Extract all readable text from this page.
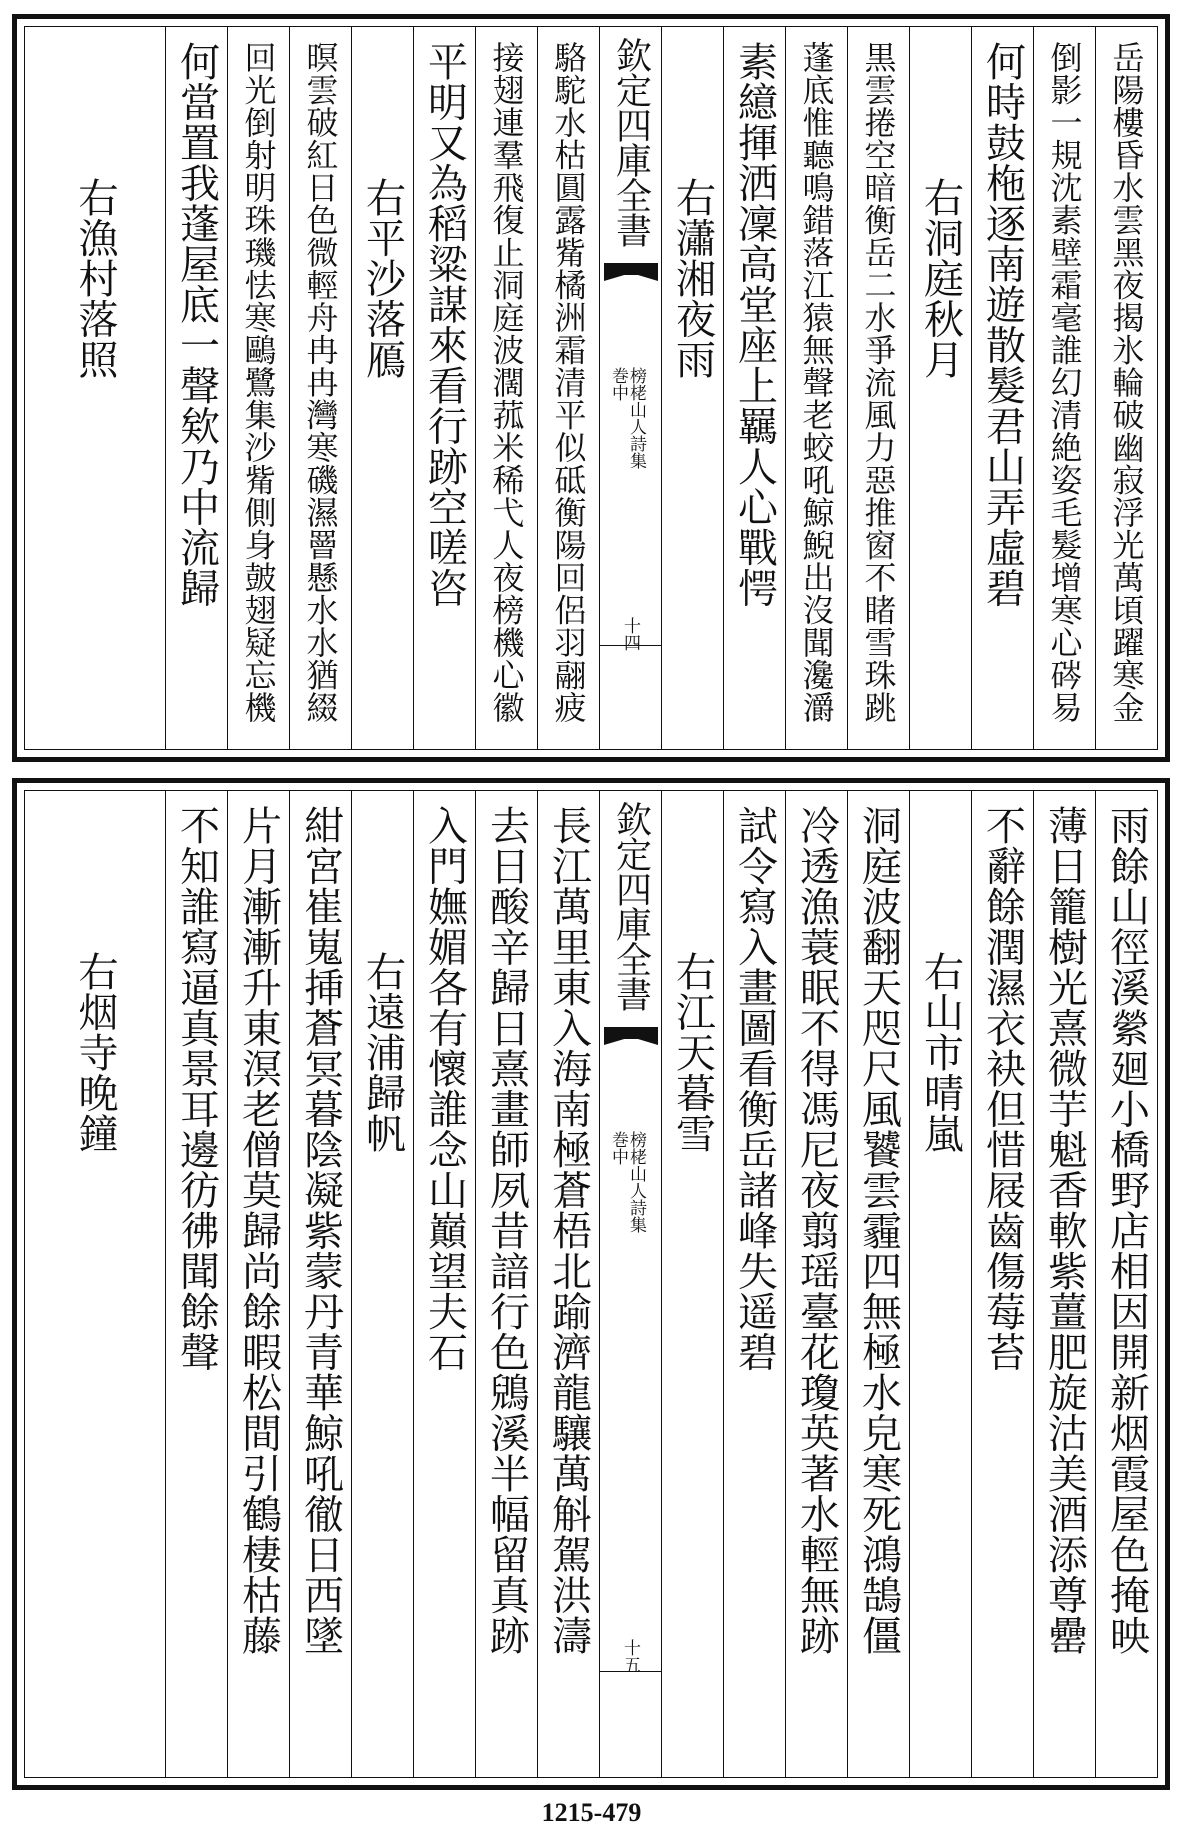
岳陽樓昏水雲黑夜揭氷輪破幽寂浮光萬頃躍寒金
倒影一規沈素壁霜毫誰幻清絶姿毛髮增寒心硶易
何時鼓柂逐南遊散髮君山弄虛碧
右洞庭秋月
黒雲捲空暗衡岳二水爭流風力惡推窗不睹雪珠跳
蓬底惟聽鳴錯落江猿無聲老蛟吼鯨鯢出沒聞瀺灂
素繶揮洒凜高堂座上羈人心戰愕
右瀟湘夜雨
欽定四庫全書
榜栳山人詩集
巻中
十四
駱駝水枯圓露觜橘洲霜清平似砥衡陽回侶羽翮疲
接翅連羣飛復止洞庭波濶菰米稀弋人夜榜機心徽
平明又為稻粱謀來看行跡空嗟咨
右平沙落鴈
暝雲破紅日色微輕舟冉冉灣寒磯濕罾懸水水猶綴
回光倒射明珠璣怯寒鷗鷺集沙觜側身皷翅疑忘機
何當置我蓬屋底一聲欸乃中流歸
右漁村落照
雨餘山徑溪縈廻小橋野店相因開新烟霞屋色掩映
薄日籠樹光熹微芋魁香軟紫薑肥旋沽美酒添尊罍
不辭餘潤濕衣袂但惜屐齒傷莓苔
右山市晴嵐
洞庭波翻天咫尺風饕雲霾四無極水皃寒死鴻鵠僵
冷透漁蓑眠不得馮尼夜翦瑶臺花瓊英著水輕無跡
試令寫入畫圖看衡岳諸峰失遥碧
右江天暮雪
欽定四庫全書
榜栳山人詩集
巻中
十五
長江萬里東入海南極蒼梧北踰濟龍驤萬斛駕洪濤
去日酸辛歸日熹畫師夙昔諳行色鶂溪半幅留真跡
入門嫵媚各有懷誰念山巔望夫石
右遠浦歸帆
紺宮崔嵬挿蒼冥暮陰凝紫蒙丹青華鯨吼徹日西墜
片月漸漸升東溟老僧莫歸尚餘暇松間引鶴棲枯藤
不知誰寫逼真景耳邊彷彿聞餘聲
右烟寺晚鐘
1215-479
